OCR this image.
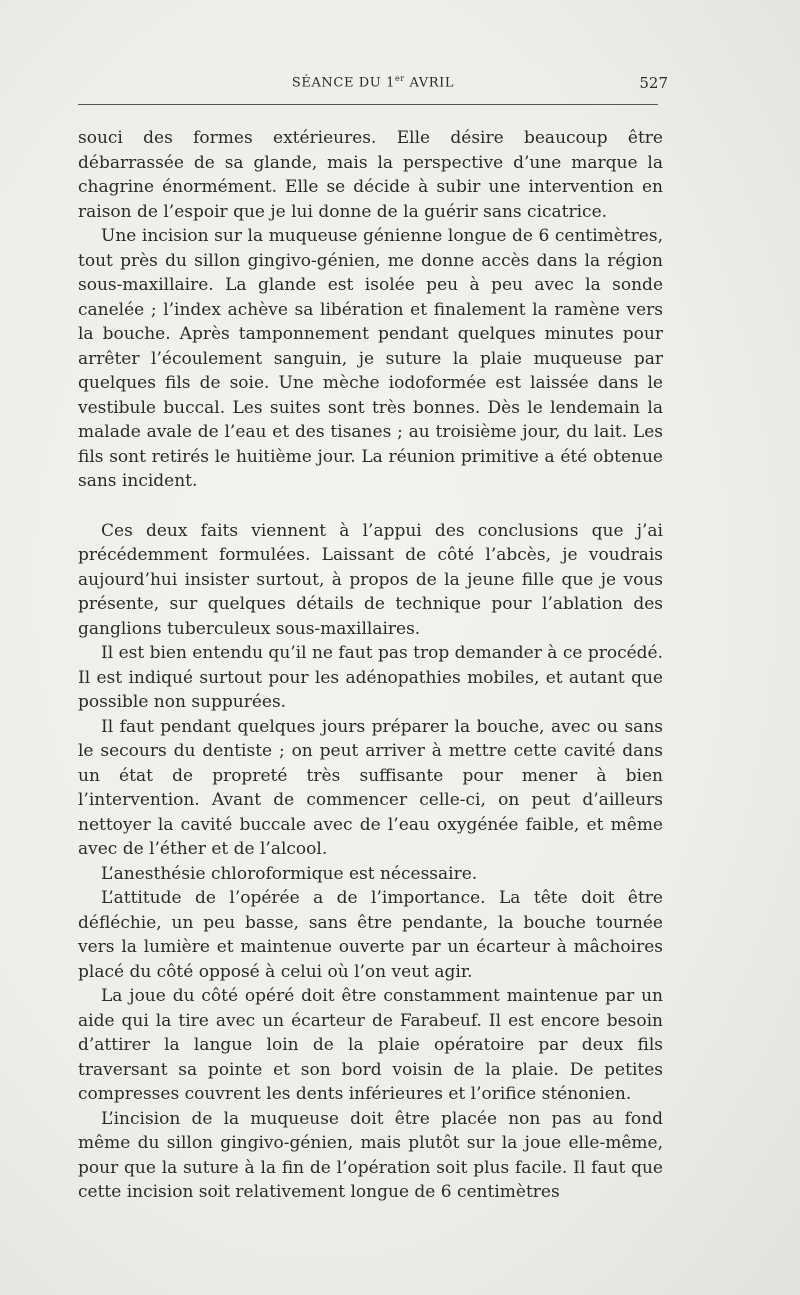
SÉANCE DU 1er AVRIL	527

souci des formes extérieures. Elle désire beaucoup être débarrassée de sa glande, mais la perspective d’une marque la chagrine énormément. Elle se décide à subir une intervention en raison de l’espoir que je lui donne de la guérir sans cicatrice.

Une incision sur la muqueuse génienne longue de 6 centimètres, tout près du sillon gingivo-génien, me donne accès dans la région sous-maxillaire. La glande est isolée peu à peu avec la sonde canelée ; l’index achève sa libération et finalement la ramène vers la bouche. Après tamponnement pendant quelques minutes pour arrêter l’écoulement sanguin, je suture la plaie muqueuse par quelques fils de soie. Une mèche iodoformée est laissée dans le vestibule buccal. Les suites sont très bonnes. Dès le lendemain la malade avale de l’eau et des tisanes ; au troisième jour, du lait. Les fils sont retirés le huitième jour. La réunion primitive a été obtenue sans incident.

Ces deux faits viennent à l’appui des conclusions que j’ai précédemment formulées. Laissant de côté l’abcès, je voudrais aujourd’hui insister surtout, à propos de la jeune fille que je vous présente, sur quelques détails de technique pour l’ablation des ganglions tuberculeux sous-maxillaires.

Il est bien entendu qu’il ne faut pas trop demander à ce procédé. Il est indiqué surtout pour les adénopathies mobiles, et autant que possible non suppurées.

Il faut pendant quelques jours préparer la bouche, avec ou sans le secours du dentiste ; on peut arriver à mettre cette cavité dans un état de propreté très suffisante pour mener à bien l’intervention. Avant de commencer celle-ci, on peut d’ailleurs nettoyer la cavité buccale avec de l’eau oxygénée faible, et même avec de l’éther et de l’alcool.

L’anesthésie chloroformique est nécessaire.

L’attitude de l’opérée a de l’importance. La tête doit être défléchie, un peu basse, sans être pendante, la bouche tournée vers la lumière et maintenue ouverte par un écarteur à mâchoires placé du côté opposé à celui où l’on veut agir.

La joue du côté opéré doit être constamment maintenue par un aide qui la tire avec un écarteur de Farabeuf. Il est encore besoin d’attirer la langue loin de la plaie opératoire par deux fils traversant sa pointe et son bord voisin de la plaie. De petites compresses couvrent les dents inférieures et l’orifice sténonien.

L’incision de la muqueuse doit être placée non pas au fond même du sillon gingivo-génien, mais plutôt sur la joue elle-même, pour que la suture à la fin de l’opération soit plus facile. Il faut que cette incision soit relativement longue de 6 centimètres
